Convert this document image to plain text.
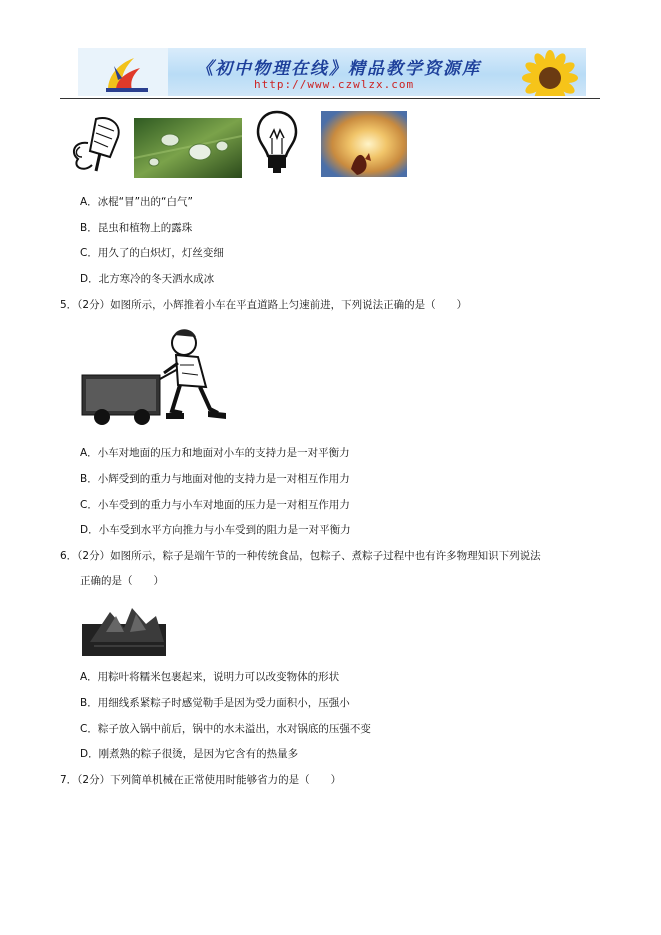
《初中物理在线》精品教学资源库
http://www.czwlzx.com
A．冰棍“冒”出的“白气”
B．昆虫和植物上的露珠
C．用久了的白炽灯，灯丝变细
D．北方寒冷的冬天洒水成冰
5．（2分）如图所示，小辉推着小车在平直道路上匀速前进，下列说法正确的是（　　）
A．小车对地面的压力和地面对小车的支持力是一对平衡力
B．小辉受到的重力与地面对他的支持力是一对相互作用力
C．小车受到的重力与小车对地面的压力是一对相互作用力
D．小车受到水平方向推力与小车受到的阻力是一对平衡力
6．（2分）如图所示，粽子是端午节的一种传统食品，包粽子、煮粽子过程中也有许多物理知识下列说法
正确的是（　　）
A．用粽叶将糯米包裹起来，说明力可以改变物体的形状
B．用细线系紧粽子时感觉勒手是因为受力面积小，压强小
C．粽子放入锅中前后，锅中的水未溢出，水对锅底的压强不变
D．刚煮熟的粽子很烫，是因为它含有的热量多
7．（2分）下列简单机械在正常使用时能够省力的是（　　）
